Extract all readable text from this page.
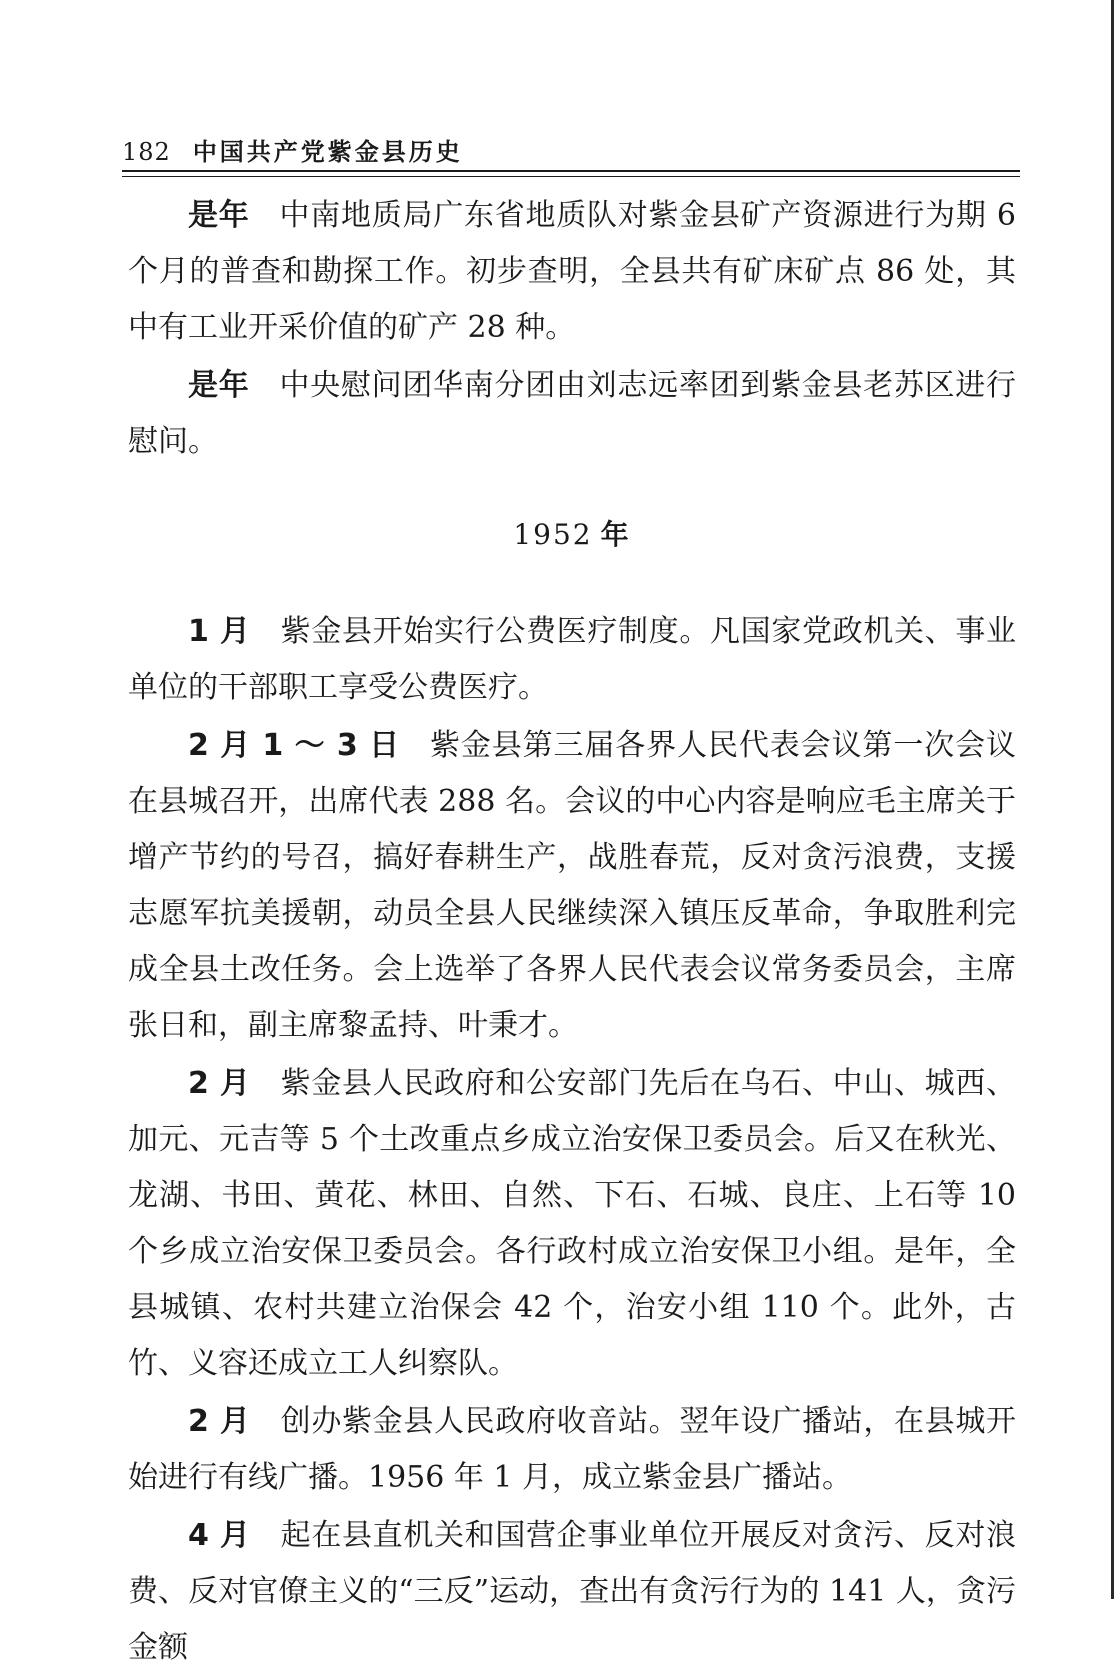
182 中国共产党紫金县历史

是年 中南地质局广东省地质队对紫金县矿产资源进行为期 6 个月的普查和勘探工作。初步查明，全县共有矿床矿点 86 处，其中有工业开采价值的矿产 28 种。

是年 中央慰问团华南分团由刘志远率团到紫金县老苏区进行慰问。

1952 年

1 月 紫金县开始实行公费医疗制度。凡国家党政机关、事业单位的干部职工享受公费医疗。

2 月 1 ～ 3 日 紫金县第三届各界人民代表会议第一次会议在县城召开，出席代表 288 名。会议的中心内容是响应毛主席关于增产节约的号召，搞好春耕生产，战胜春荒，反对贪污浪费，支援志愿军抗美援朝，动员全县人民继续深入镇压反革命，争取胜利完成全县土改任务。会上选举了各界人民代表会议常务委员会，主席张日和，副主席黎孟持、叶秉才。

2 月 紫金县人民政府和公安部门先后在乌石、中山、城西、加元、元吉等 5 个土改重点乡成立治安保卫委员会。后又在秋光、龙湖、书田、黄花、林田、自然、下石、石城、良庄、上石等 10 个乡成立治安保卫委员会。各行政村成立治安保卫小组。是年，全县城镇、农村共建立治保会 42 个，治安小组 110 个。此外，古竹、义容还成立工人纠察队。

2 月 创办紫金县人民政府收音站。翌年设广播站，在县城开始进行有线广播。1956 年 1 月，成立紫金县广播站。

4 月 起在县直机关和国营企事业单位开展反对贪污、反对浪费、反对官僚主义的“三反”运动，查出有贪污行为的 141 人，贪污金额
